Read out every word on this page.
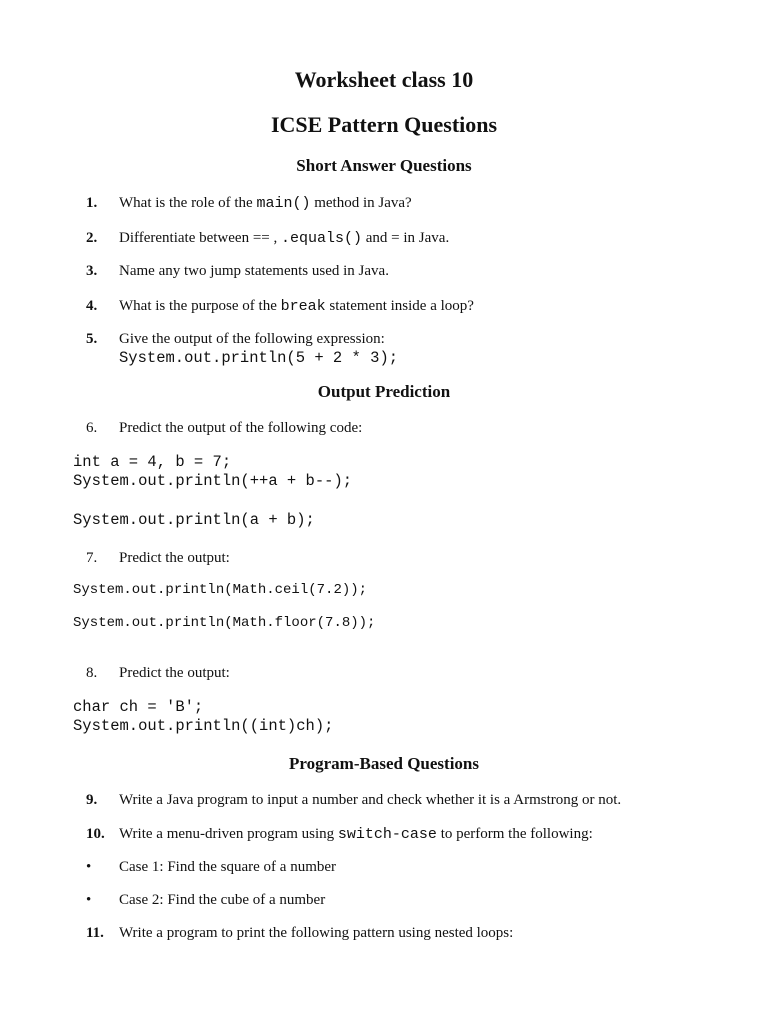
Worksheet class 10
ICSE Pattern Questions
Short Answer Questions
1.	What is the role of the main() method in Java?
2.	Differentiate between == , .equals() and = in Java.
3.	Name any two jump statements used in Java.
4.	What is the purpose of the break statement inside a loop?
5.	Give the output of the following expression:
System.out.println(5 + 2 * 3);
Output Prediction
6.	Predict the output of the following code:
int a = 4, b = 7;
System.out.println(++a + b--);
System.out.println(a + b);
7.	Predict the output:
System.out.println(Math.ceil(7.2));
System.out.println(Math.floor(7.8));
8.	Predict the output:
char ch = 'B';
System.out.println((int)ch);
Program-Based Questions
9.	Write a Java program to input a number and check whether it is a Armstrong or not.
10. Write a menu-driven program using switch-case to perform the following:
•	Case 1: Find the square of a number
•	Case 2: Find the cube of a number
11.	Write a program to print the following pattern using nested loops:
